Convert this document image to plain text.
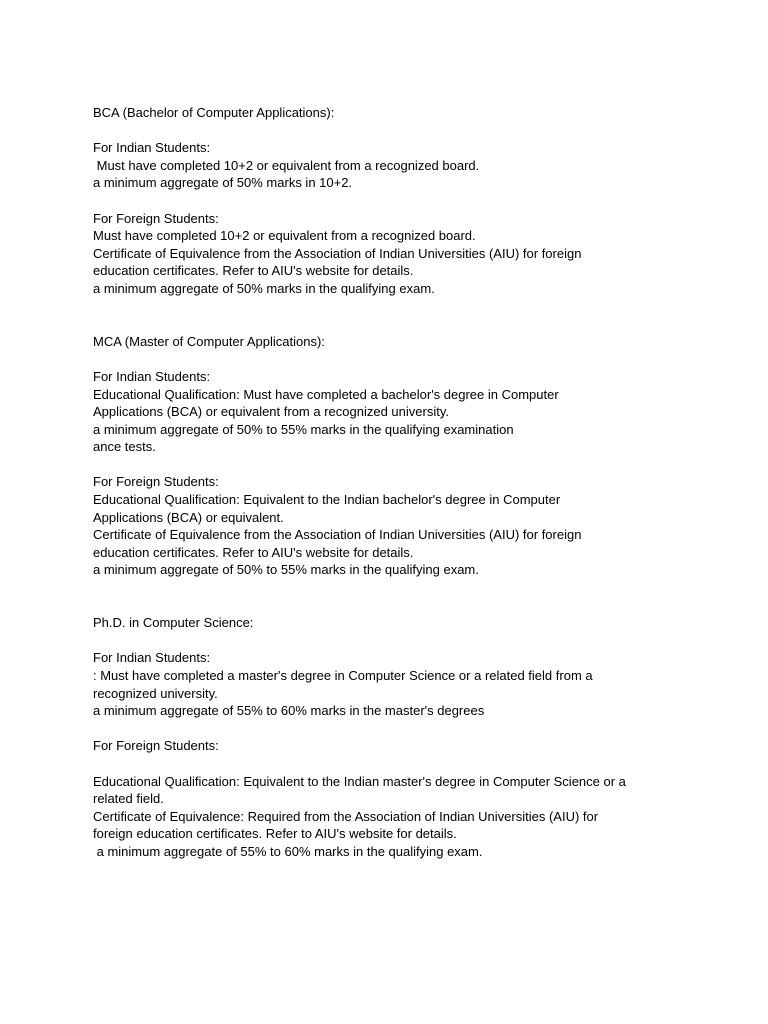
BCA (Bachelor of Computer Applications):
For Indian Students:
Must have completed 10+2 or equivalent from a recognized board.
a minimum aggregate of 50% marks in 10+2.
For Foreign Students:
Must have completed 10+2 or equivalent from a recognized board.
Certificate of Equivalence from the Association of Indian Universities (AIU) for foreign
education certificates. Refer to AIU's website for details.
a minimum aggregate of 50% marks in the qualifying exam.
MCA (Master of Computer Applications):
For Indian Students:
Educational Qualification: Must have completed a bachelor's degree in Computer
Applications (BCA) or equivalent from a recognized university.
a minimum aggregate of 50% to 55% marks in the qualifying examination
ance tests.
For Foreign Students:
Educational Qualification: Equivalent to the Indian bachelor's degree in Computer
Applications (BCA) or equivalent.
Certificate of Equivalence from the Association of Indian Universities (AIU) for foreign
education certificates. Refer to AIU's website for details.
a minimum aggregate of 50% to 55% marks in the qualifying exam.
Ph.D. in Computer Science:
For Indian Students:
: Must have completed a master's degree in Computer Science or a related field from a
recognized university.
a minimum aggregate of 55% to 60% marks in the master's degrees
For Foreign Students:
Educational Qualification: Equivalent to the Indian master's degree in Computer Science or a
related field.
Certificate of Equivalence: Required from the Association of Indian Universities (AIU) for
foreign education certificates. Refer to AIU's website for details.
a minimum aggregate of 55% to 60% marks in the qualifying exam.
